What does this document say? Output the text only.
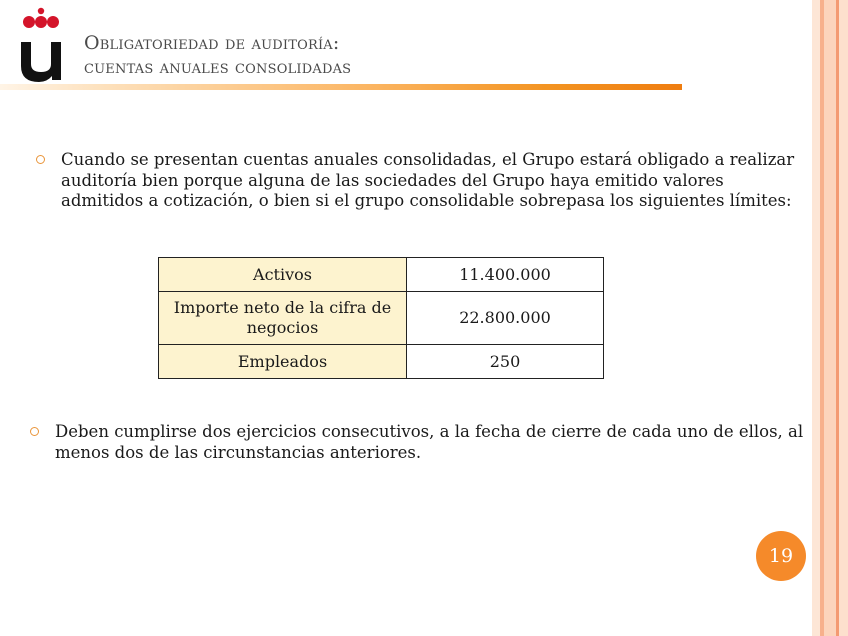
Obligatoriedad de auditoría:
cuentas anuales consolidadas
Cuando se presentan cuentas anuales consolidadas, el Grupo estará obligado a realizar auditoría bien porque alguna de las sociedades del Grupo haya emitido valores admitidos a cotización, o bien si el grupo consolidable sobrepasa los siguientes límites:
Activos	11.400.000
Importe neto de la cifra de negocios	22.800.000
Empleados	250
Deben cumplirse dos ejercicios consecutivos, a la fecha de cierre de cada uno de ellos, al menos dos de las circunstancias anteriores.
19
